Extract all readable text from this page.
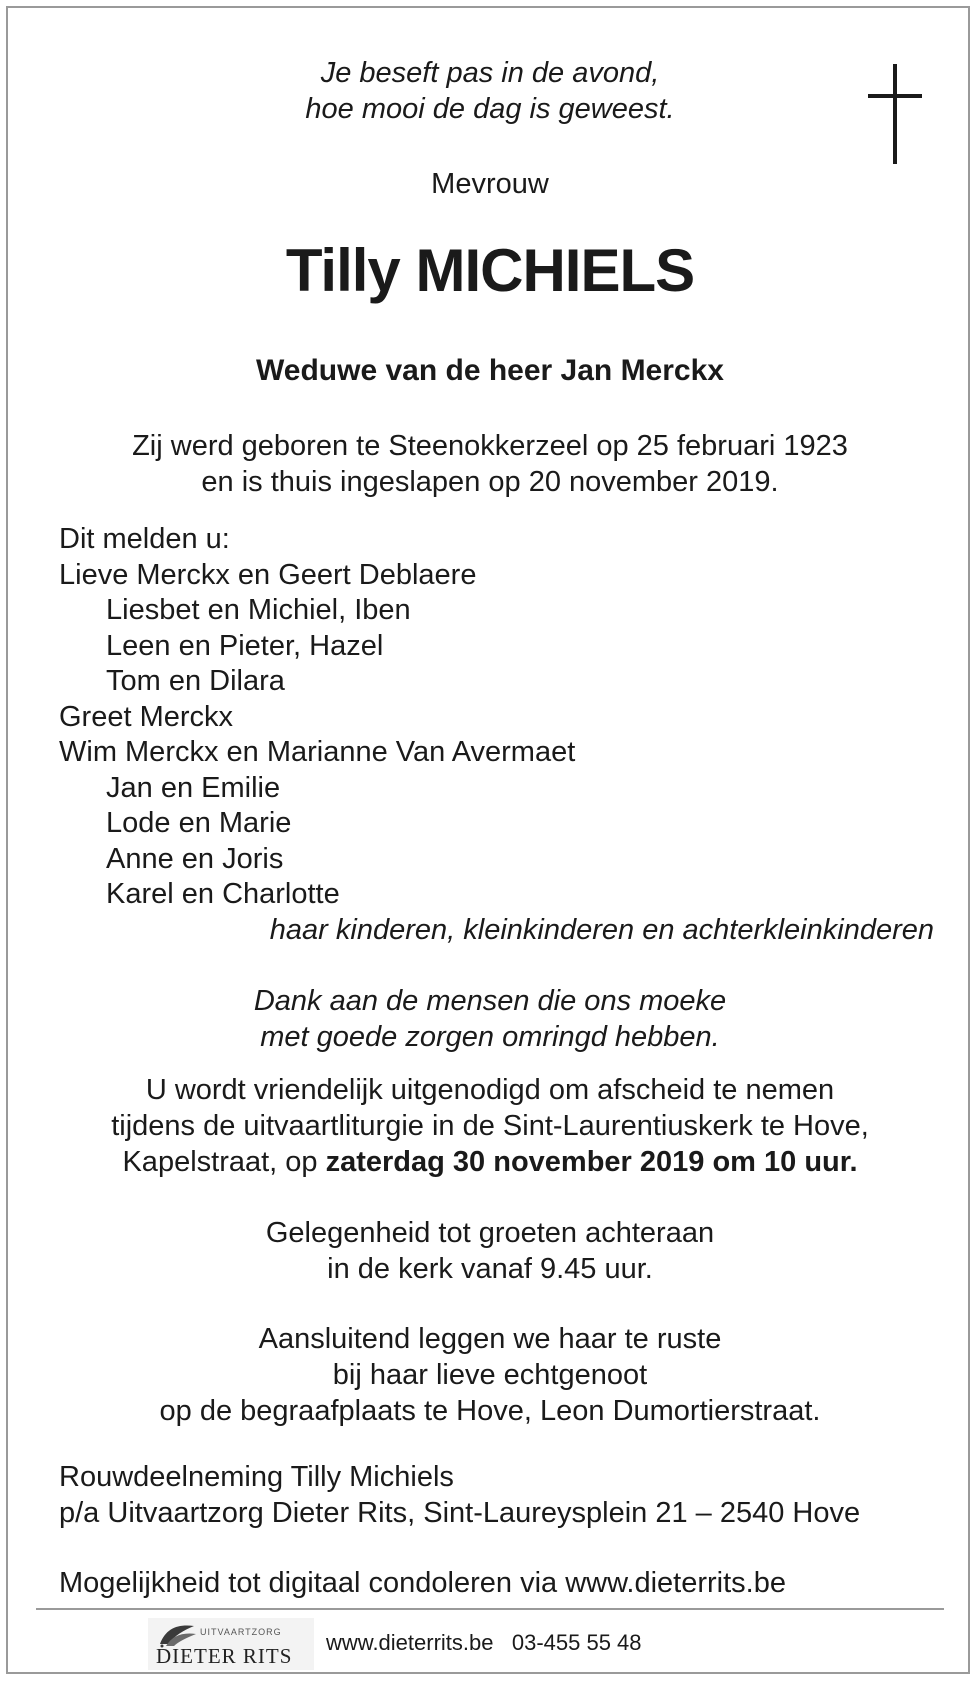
Je beseft pas in de avond,
hoe mooi de dag is geweest.
Mevrouw
Tilly MICHIELS
Weduwe van de heer Jan Merckx
Zij werd geboren te Steenokkerzeel op 25 februari 1923
en is thuis ingeslapen op 20 november 2019.
Dit melden u:
Lieve Merckx en Geert Deblaere
Liesbet en Michiel, Iben
Leen en Pieter, Hazel
Tom en Dilara
Greet Merckx
Wim Merckx en Marianne Van Avermaet
Jan en Emilie
Lode en Marie
Anne en Joris
Karel en Charlotte
haar kinderen, kleinkinderen en achterkleinkinderen
Dank aan de mensen die ons moeke
met goede zorgen omringd hebben.
U wordt vriendelijk uitgenodigd om afscheid te nemen
tijdens de uitvaartliturgie in de Sint-Laurentiuskerk te Hove,
Kapelstraat, op zaterdag 30 november 2019 om 10 uur.
Gelegenheid tot groeten achteraan
in de kerk vanaf 9.45 uur.
Aansluitend leggen we haar te ruste
bij haar lieve echtgenoot
op de begraafplaats te Hove, Leon Dumortierstraat.
Rouwdeelneming Tilly Michiels
p/a Uitvaartzorg Dieter Rits, Sint-Laureysplein 21 – 2540 Hove
Mogelijkheid tot digitaal condoleren via www.dieterrits.be
UITVAARTZORG
DIETER RITS
www.dieterrits.be 03-455 55 48
